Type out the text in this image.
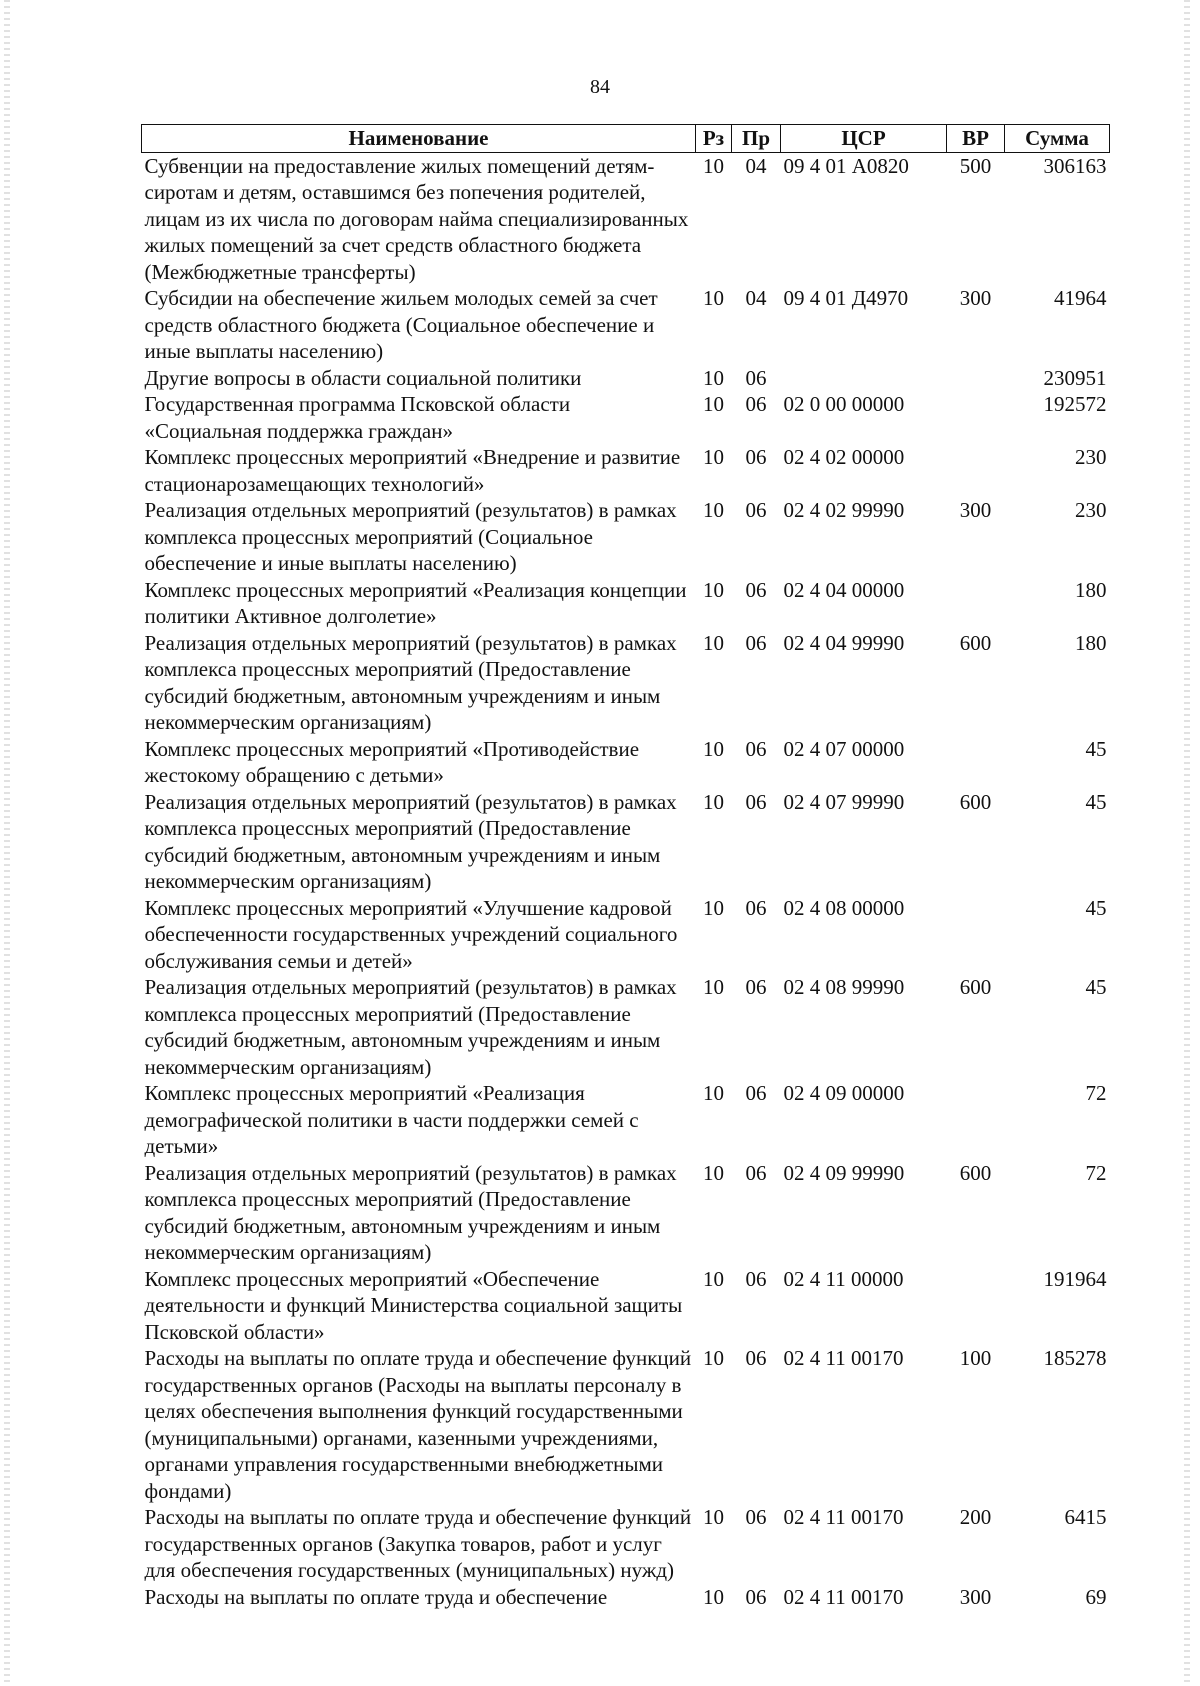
84
Наименование	Рз	Пр	ЦСР	ВР	Сумма
Субвенции на предоставление жилых помещений детям-сиротам и детям, оставшимся без попечения родителей, лицам из их числа по договорам найма специализированных жилых помещений за счет средств областного бюджета (Межбюджетные трансферты)	10	04	09 4 01 А0820	500	306163
Субсидии на обеспечение жильем молодых семей за счет средств областного бюджета (Социальное обеспечение и иные выплаты населению)	10	04	09 4 01 Д4970	300	41964
Другие вопросы в области социальной политики	10	06			230951
Государственная программа Псковской области «Социальная поддержка граждан»	10	06	02 0 00 00000		192572
Комплекс процессных мероприятий «Внедрение и развитие стационарозамещающих технологий»	10	06	02 4 02 00000		230
Реализация отдельных мероприятий (результатов) в рамках комплекса процессных мероприятий (Социальное обеспечение и иные выплаты населению)	10	06	02 4 02 99990	300	230
Комплекс процессных мероприятий «Реализация концепции политики Активное долголетие»	10	06	02 4 04 00000		180
Реализация отдельных мероприятий (результатов) в рамках комплекса процессных мероприятий (Предоставление субсидий бюджетным, автономным учреждениям и иным некоммерческим организациям)	10	06	02 4 04 99990	600	180
Комплекс процессных мероприятий «Противодействие жестокому обращению с детьми»	10	06	02 4 07 00000		45
Реализация отдельных мероприятий (результатов) в рамках комплекса процессных мероприятий (Предоставление субсидий бюджетным, автономным учреждениям и иным некоммерческим организациям)	10	06	02 4 07 99990	600	45
Комплекс процессных мероприятий «Улучшение кадровой обеспеченности государственных учреждений социального обслуживания семьи и детей»	10	06	02 4 08 00000		45
Реализация отдельных мероприятий (результатов) в рамках комплекса процессных мероприятий (Предоставление субсидий бюджетным, автономным учреждениям и иным некоммерческим организациям)	10	06	02 4 08 99990	600	45
Комплекс процессных мероприятий «Реализация демографической политики в части поддержки семей с детьми»	10	06	02 4 09 00000		72
Реализация отдельных мероприятий (результатов) в рамках комплекса процессных мероприятий (Предоставление субсидий бюджетным, автономным учреждениям и иным некоммерческим организациям)	10	06	02 4 09 99990	600	72
Комплекс процессных мероприятий «Обеспечение деятельности и функций Министерства социальной защиты Псковской области»	10	06	02 4 11 00000		191964
Расходы на выплаты по оплате труда и обеспечение функций государственных органов (Расходы на выплаты персоналу в целях обеспечения выполнения функций государственными (муниципальными) органами, казенными учреждениями, органами управления государственными внебюджетными фондами)	10	06	02 4 11 00170	100	185278
Расходы на выплаты по оплате труда и обеспечение функций государственных органов (Закупка товаров, работ и услуг для обеспечения государственных (муниципальных) нужд)	10	06	02 4 11 00170	200	6415
Расходы на выплаты по оплате труда и обеспечение	10	06	02 4 11 00170	300	69
